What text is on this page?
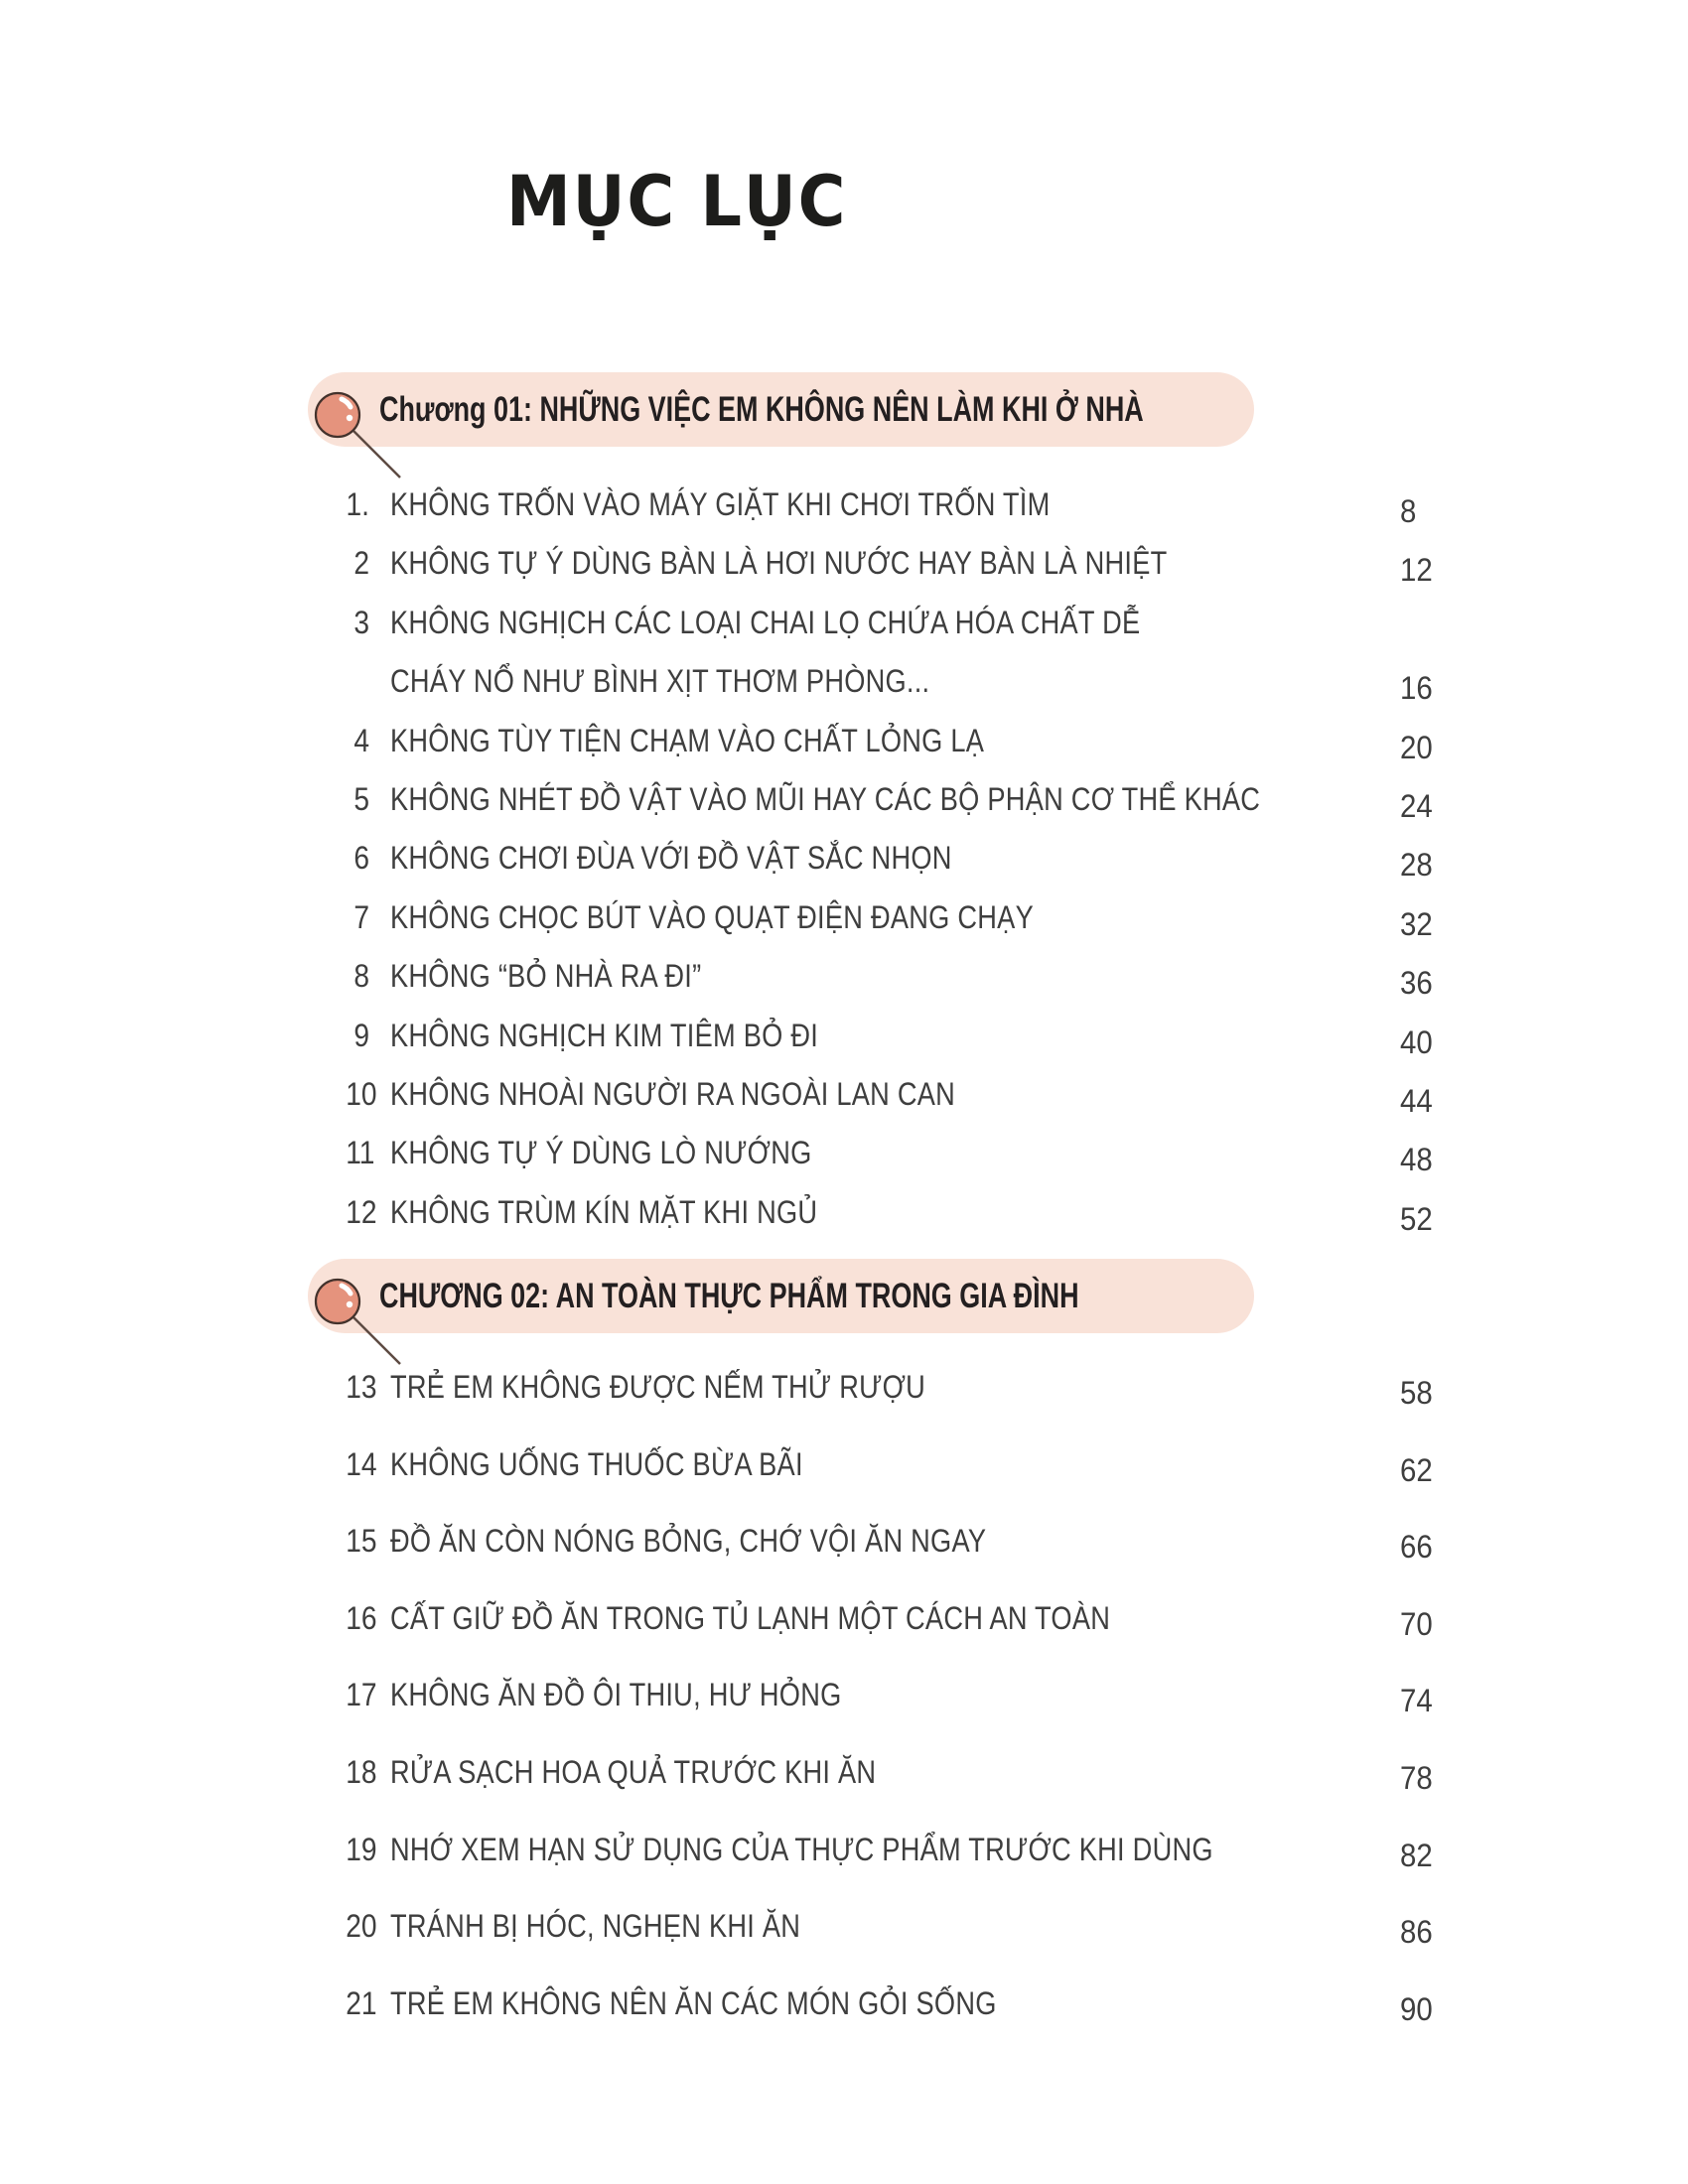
MỤC LỤC
Chương 01: NHỮNG VIỆC EM KHÔNG NÊN LÀM KHI Ở NHÀ
1. KHÔNG TRỐN VÀO MÁY GIẶT KHI CHƠI TRỐN TÌM	8
2 KHÔNG TỰ Ý DÙNG BÀN LÀ HƠI NƯỚC HAY BÀN LÀ NHIỆT	12
3 KHÔNG NGHỊCH CÁC LOẠI CHAI LỌ CHỨA HÓA CHẤT DỄ
CHÁY NỔ NHƯ BÌNH XỊT THƠM PHÒNG...	16
4 KHÔNG TÙY TIỆN CHẠM VÀO CHẤT LỎNG LẠ	20
5 KHÔNG NHÉT ĐỒ VẬT VÀO MŨI HAY CÁC BỘ PHẬN CƠ THỂ KHÁC	24
6 KHÔNG CHƠI ĐÙA VỚI ĐỒ VẬT SẮC NHỌN	28
7 KHÔNG CHỌC BÚT VÀO QUẠT ĐIỆN ĐANG CHẠY	32
8 KHÔNG “BỎ NHÀ RA ĐI”	36
9 KHÔNG NGHỊCH KIM TIÊM BỎ ĐI	40
10 KHÔNG NHOÀI NGƯỜI RA NGOÀI LAN CAN	44
11 KHÔNG TỰ Ý DÙNG LÒ NƯỚNG	48
12 KHÔNG TRÙM KÍN MẶT KHI NGỦ	52
CHƯƠNG 02: AN TOÀN THỰC PHẨM TRONG GIA ĐÌNH
13 TRẺ EM KHÔNG ĐƯỢC NẾM THỬ RƯỢU	58
14 KHÔNG UỐNG THUỐC BỪA BÃI	62
15 ĐỒ ĂN CÒN NÓNG BỎNG, CHỚ VỘI ĂN NGAY	66
16 CẤT GIỮ ĐỒ ĂN TRONG TỦ LẠNH MỘT CÁCH AN TOÀN	70
17 KHÔNG ĂN ĐỒ ÔI THIU, HƯ HỎNG	74
18 RỬA SẠCH HOA QUẢ TRƯỚC KHI ĂN	78
19 NHỚ XEM HẠN SỬ DỤNG CỦA THỰC PHẨM TRƯỚC KHI DÙNG	82
20 TRÁNH BỊ HÓC, NGHẸN KHI ĂN	86
21 TRẺ EM KHÔNG NÊN ĂN CÁC MÓN GỎI SỐNG	90
